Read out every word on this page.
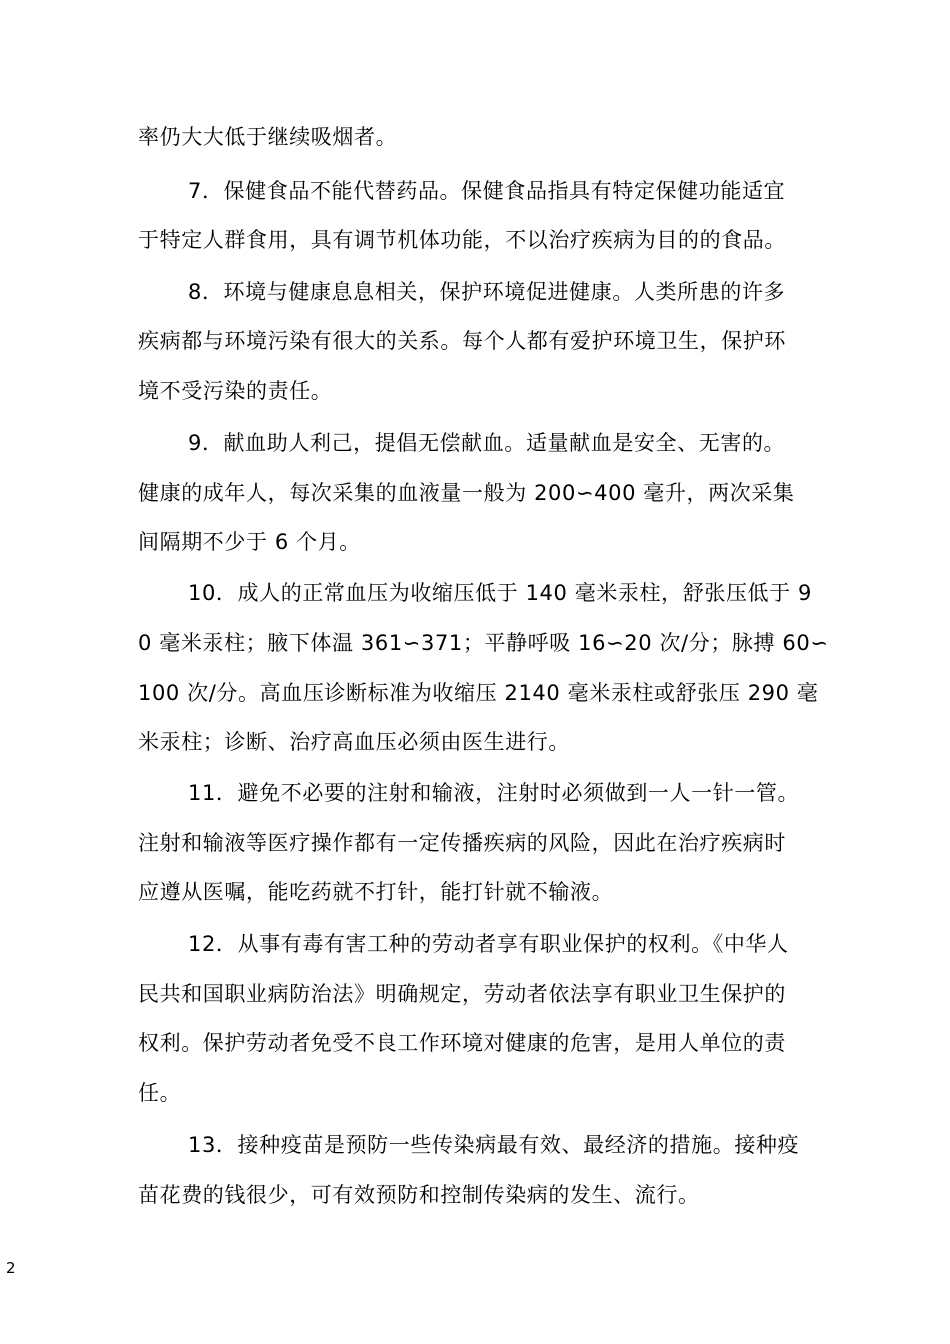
率仍大大低于继续吸烟者。
7．保健食品不能代替药品。保健食品指具有特定保健功能适宜
于特定人群食用，具有调节机体功能，不以治疗疾病为目的的食品。
8．环境与健康息息相关，保护环境促进健康。人类所患的许多
疾病都与环境污染有很大的关系。每个人都有爱护环境卫生，保护环
境不受污染的责任。
9．献血助人利己，提倡无偿献血。适量献血是安全、无害的。
健康的成年人，每次采集的血液量一般为 200∽400 毫升，两次采集
间隔期不少于 6 个月。
10．成人的正常血压为收缩压低于 140 毫米汞柱，舒张压低于 9
0 毫米汞柱；腋下体温 361∽371；平静呼吸 16∽20 次/分；脉搏 60∽
100 次/分。高血压诊断标准为收缩压 2140 毫米汞柱或舒张压 290 毫
米汞柱；诊断、治疗高血压必须由医生进行。
11．避免不必要的注射和输液，注射时必须做到一人一针一管。
注射和输液等医疗操作都有一定传播疾病的风险，因此在治疗疾病时
应遵从医嘱，能吃药就不打针，能打针就不输液。
12．从事有毒有害工种的劳动者享有职业保护的权利。《中华人
民共和国职业病防治法》明确规定，劳动者依法享有职业卫生保护的
权利。保护劳动者免受不良工作环境对健康的危害，是用人单位的责
任。
13．接种疫苗是预防一些传染病最有效、最经济的措施。接种疫
苗花费的钱很少，可有效预防和控制传染病的发生、流行。
2
